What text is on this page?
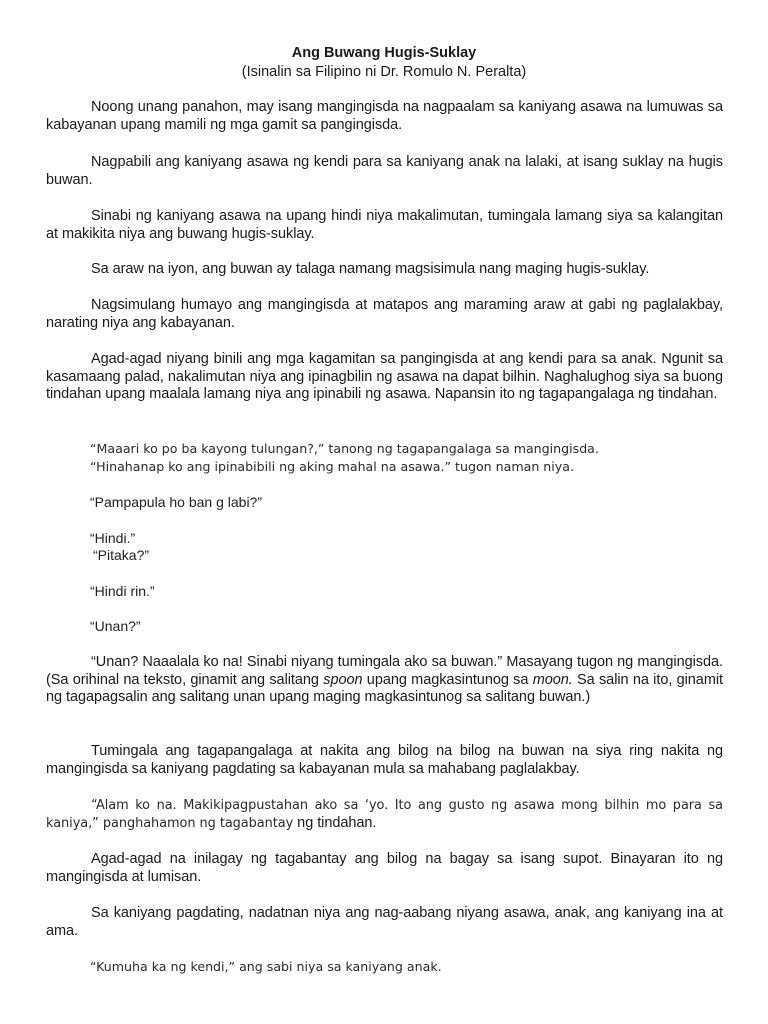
Ang Buwang Hugis-Suklay
(Isinalin sa Filipino ni Dr. Romulo N. Peralta)

Noong unang panahon, may isang mangingisda na nagpaalam sa kaniyang asawa na lumuwas sa kabayanan upang mamili ng mga gamit sa pangingisda.

Nagpabili ang kaniyang asawa ng kendi para sa kaniyang anak na lalaki, at isang suklay na hugis buwan.

Sinabi ng kaniyang asawa na upang hindi niya makalimutan, tumingala lamang siya sa kalangitan at makikita niya ang buwang hugis-suklay.

Sa araw na iyon, ang buwan ay talaga namang magsisimula nang maging hugis-suklay.

Nagsimulang humayo ang mangingisda at matapos ang maraming araw at gabi ng paglalakbay, narating niya ang kabayanan.

Agad-agad niyang binili ang mga kagamitan sa pangingisda at ang kendi para sa anak. Ngunit sa kasamaang palad, nakalimutan niya ang ipinagbilin ng asawa na dapat bilhin. Naghalughog siya sa buong tindahan upang maalala lamang niya ang ipinabili ng asawa. Napansin ito ng tagapangalaga ng tindahan.

“Maaari ko po ba kayong tulungan?,” tanong ng tagapangalaga sa mangingisda.

“Hinahanap ko ang ipinabibili ng aking mahal na asawa.” tugon naman niya.

“Pampapula ho ban g labi?”

“Hindi.”

“Pitaka?”

“Hindi rin.”

“Unan?”

“Unan? Naaalala ko na! Sinabi niyang tumingala ako sa buwan.” Masayang tugon ng mangingisda. (Sa orihinal na teksto, ginamit ang salitang spoon upang magkasintunog sa moon. Sa salin na ito, ginamit ng tagapagsalin ang salitang unan upang maging magkasintunog sa salitang buwan.)

Tumingala ang tagapangalaga at nakita ang bilog na bilog na buwan na siya ring nakita ng mangingisda sa kaniyang pagdating sa kabayanan mula sa mahabang paglalakbay.

“Alam ko na. Makikipagpustahan ako sa ‘yo. Ito ang gusto ng asawa mong bilhin mo para sa kaniya,” panghahamon ng tagabantay ng tindahan.

Agad-agad na inilagay ng tagabantay ang bilog na bagay sa isang supot. Binayaran ito ng mangingisda at lumisan.

Sa kaniyang pagdating, nadatnan niya ang nag-aabang niyang asawa, anak, ang kaniyang ina at ama.

“Kumuha ka ng kendi,” ang sabi niya sa kaniyang anak.
